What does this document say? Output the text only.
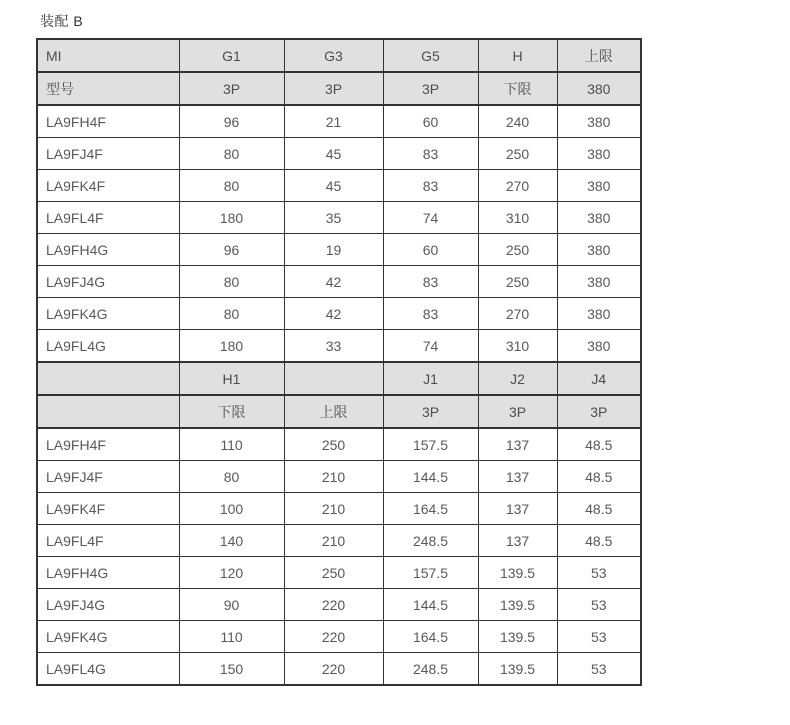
装配 B
MI	G1	G3	G5	H	上限
型号	3P	3P	3P	下限	380
LA9FH4F	96	21	60	240	380
LA9FJ4F	80	45	83	250	380
LA9FK4F	80	45	83	270	380
LA9FL4F	180	35	74	310	380
LA9FH4G	96	19	60	250	380
LA9FJ4G	80	42	83	250	380
LA9FK4G	80	42	83	270	380
LA9FL4G	180	33	74	310	380
	H1		J1	J2	J4
	下限	上限	3P	3P	3P
LA9FH4F	110	250	157.5	137	48.5
LA9FJ4F	80	210	144.5	137	48.5
LA9FK4F	100	210	164.5	137	48.5
LA9FL4F	140	210	248.5	137	48.5
LA9FH4G	120	250	157.5	139.5	53
LA9FJ4G	90	220	144.5	139.5	53
LA9FK4G	110	220	164.5	139.5	53
LA9FL4G	150	220	248.5	139.5	53
